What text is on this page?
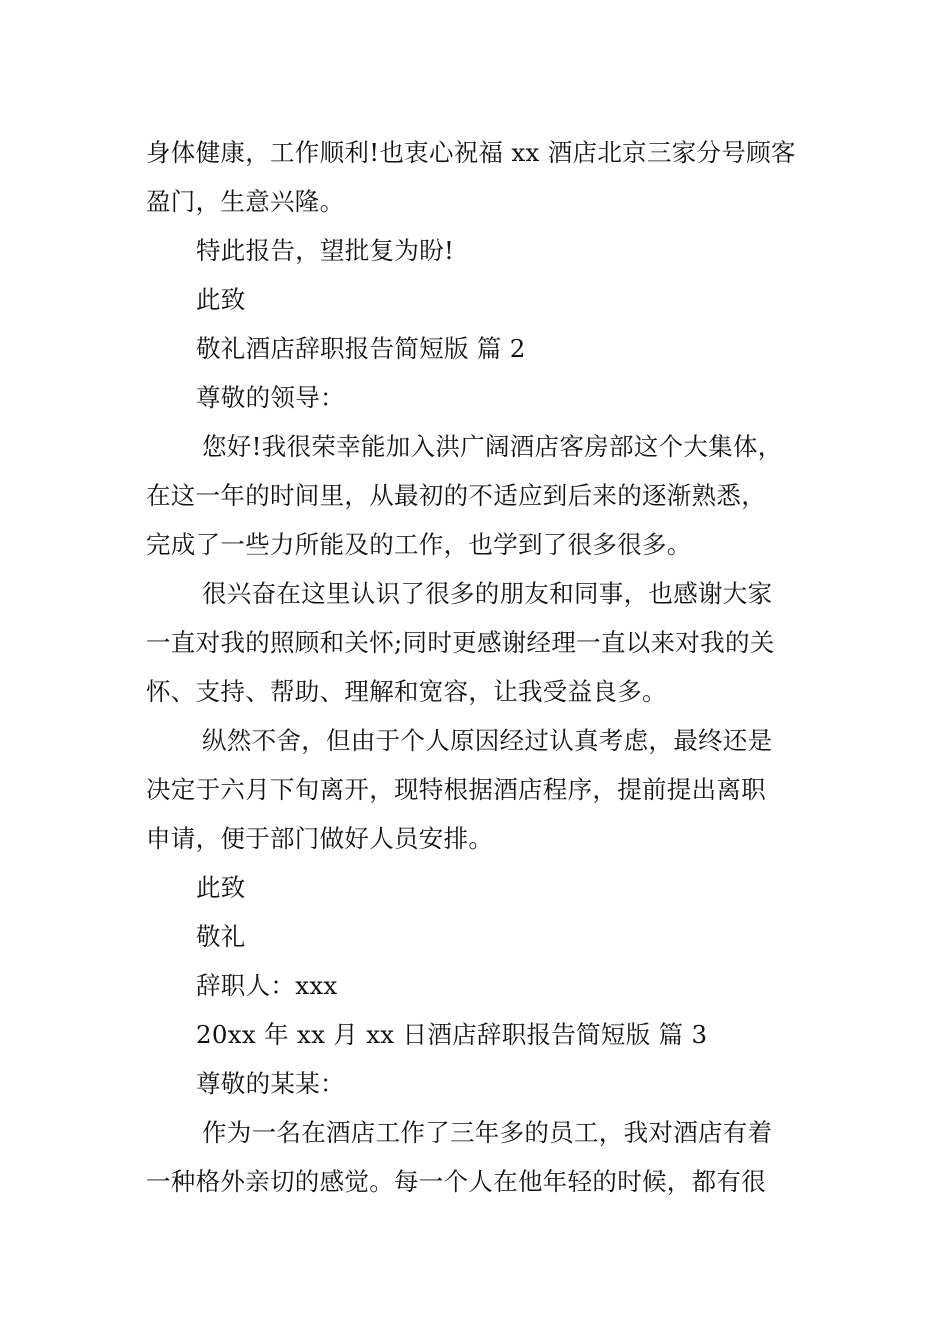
身体健康，工作顺利!也衷心祝福 xx 酒店北京三家分号顾客
盈门，生意兴隆。
特此报告，望批复为盼!
此致
敬礼酒店辞职报告简短版 篇 2
尊敬的领导：
您好!我很荣幸能加入洪广阔酒店客房部这个大集体，
在这一年的时间里，从最初的不适应到后来的逐渐熟悉，
完成了一些力所能及的工作，也学到了很多很多。
很兴奋在这里认识了很多的朋友和同事，也感谢大家
一直对我的照顾和关怀;同时更感谢经理一直以来对我的关
怀、支持、帮助、理解和宽容，让我受益良多。
纵然不舍，但由于个人原因经过认真考虑，最终还是
决定于六月下旬离开，现特根据酒店程序，提前提出离职
申请，便于部门做好人员安排。
此致
敬礼
辞职人：xxx
20xx 年 xx 月 xx 日酒店辞职报告简短版 篇 3
尊敬的某某：
作为一名在酒店工作了三年多的员工，我对酒店有着
一种格外亲切的感觉。每一个人在他年轻的时候，都有很
